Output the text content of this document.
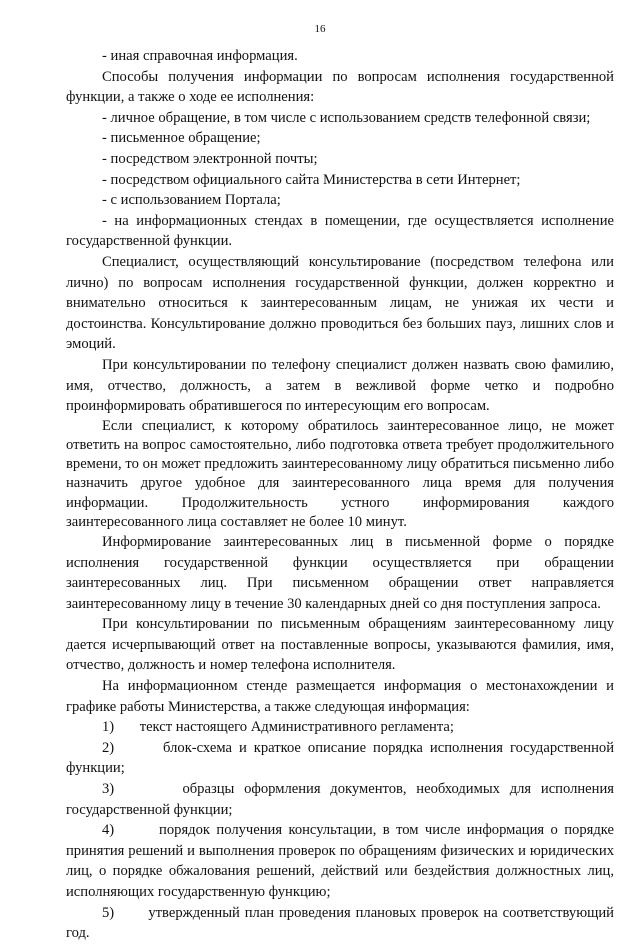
16

- иная справочная информация.

Способы получения информации по вопросам исполнения государственной функции, а также о ходе ее исполнения:

- личное обращение, в том числе с использованием средств телефонной связи;

- письменное обращение;

- посредством электронной почты;

- посредством официального сайта Министерства в сети Интернет;

- с использованием Портала;

- на информационных стендах в помещении, где осуществляется исполнение государственной функции.

Специалист, осуществляющий консультирование (посредством телефона или лично) по вопросам исполнения государственной функции, должен корректно и внимательно относиться к заинтересованным лицам, не унижая их чести и достоинства. Консультирование должно проводиться без больших пауз, лишних слов и эмоций.

При консультировании по телефону специалист должен назвать свою фамилию, имя, отчество, должность, а затем в вежливой форме четко и подробно проинформировать обратившегося по интересующим его вопросам.

Если специалист, к которому обратилось заинтересованное лицо, не может ответить на вопрос самостоятельно, либо подготовка ответа требует продолжительного времени, то он может предложить заинтересованному лицу обратиться письменно либо назначить другое удобное для заинтересованного лица время для получения информации. Продолжительность устного информирования каждого заинтересованного лица составляет не более 10 минут.

Информирование заинтересованных лиц в письменной форме о порядке исполнения государственной функции осуществляется при обращении заинтересованных лиц. При письменном обращении ответ направляется заинтересованному лицу в течение 30 календарных дней со дня поступления запроса.

При консультировании по письменным обращениям заинтересованному лицу дается исчерпывающий ответ на поставленные вопросы, указываются фамилия, имя, отчество, должность и номер телефона исполнителя.

На информационном стенде размещается информация о местонахождении и графике работы Министерства, а также следующая информация:

1)       текст настоящего Административного регламента;

2)       блок-схема и краткое описание порядка исполнения государственной функции;

3)       образцы оформления документов, необходимых для исполнения государственной функции;

4)       порядок получения консультации, в том числе информация о порядке принятия решений и выполнения проверок по обращениям физических и юридических лиц, о порядке обжалования решений, действий или бездействия должностных лиц, исполняющих государственную функцию;

5)       утвержденный план проведения плановых проверок на соответствующий год.
